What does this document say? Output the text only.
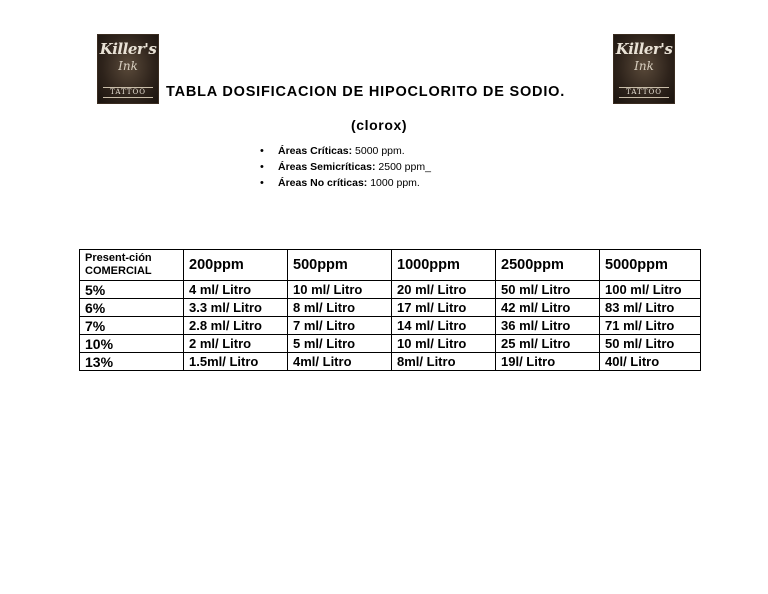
Killer's
Ink
TATTOO
Killer's
Ink
TATTOO
TABLA DOSIFICACION DE HIPOCLORITO DE SODIO.
(clorox)
• Áreas Críticas: 5000 ppm.
• Áreas Semicríticas: 2500 ppm_
• Áreas No críticas: 1000 ppm.
Present-ción
COMERCIAL	200ppm	500ppm	1000ppm	2500ppm	5000ppm
5%	4 ml/ Litro	10 ml/ Litro	20 ml/ Litro	50 ml/ Litro	100 ml/ Litro
6%	3.3 ml/ Litro	8 ml/ Litro	17 ml/ Litro	42 ml/ Litro	83 ml/ Litro
7%	2.8 ml/ Litro	7 ml/ Litro	14 ml/ Litro	36 ml/ Litro	71 ml/ Litro
10%	2 ml/ Litro	5 ml/ Litro	10 ml/ Litro	25 ml/ Litro	50 ml/ Litro
13%	1.5ml/ Litro	4ml/ Litro	8ml/ Litro	19l/ Litro	40l/ Litro
